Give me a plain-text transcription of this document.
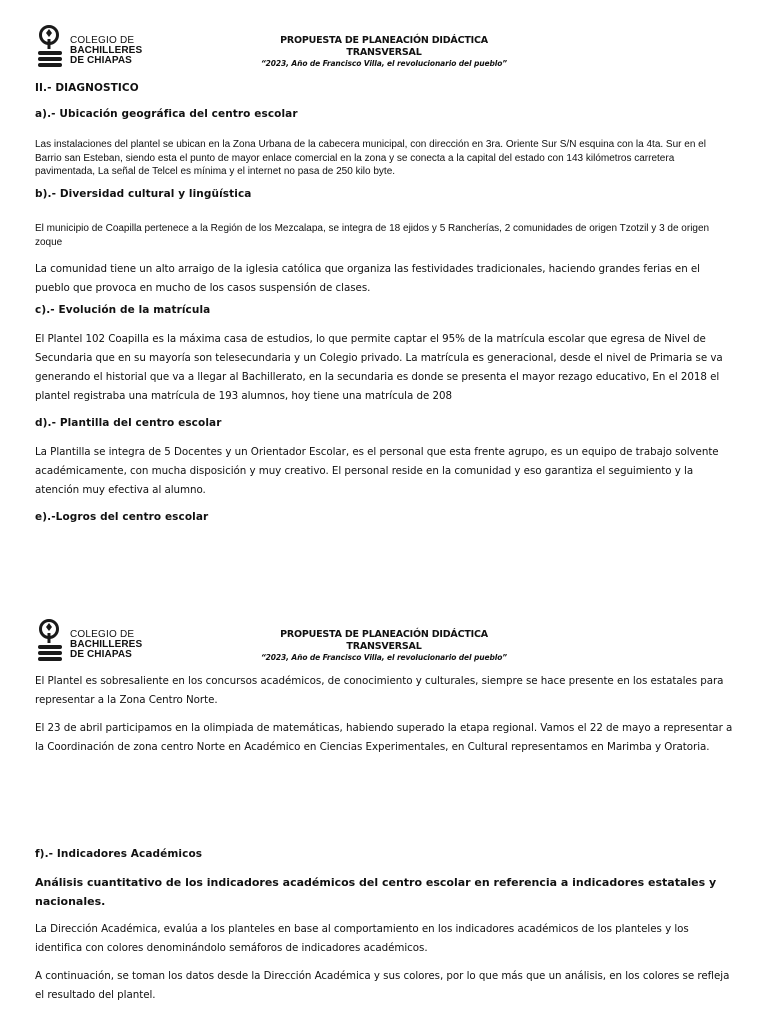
COLEGIO DE
BACHILLERES
DE CHIAPAS
PROPUESTA DE PLANEACIÓN DIDÁCTICA
TRANSVERSAL
“2023, Año de Francisco Villa, el revolucionario del pueblo”
II.- DIAGNOSTICO
a).- Ubicación geográfica del centro escolar
Las instalaciones del plantel se ubican en la Zona Urbana de la cabecera municipal, con dirección en 3ra. Oriente Sur S/N esquina con la 4ta. Sur en el Barrio san Esteban, siendo esta el punto de mayor enlace comercial en la zona y se conecta a la capital del estado con 143 kilómetros carretera pavimentada, La señal de Telcel es mínima y el internet no pasa de 250 kilo byte.
b).- Diversidad cultural y lingüística
El municipio de Coapilla pertenece a la Región de los Mezcalapa, se integra de 18 ejidos y 5 Rancherías, 2 comunidades de origen Tzotzil y 3 de origen zoque
La comunidad tiene un alto arraigo de la iglesia católica que organiza las festividades tradicionales, haciendo grandes ferias en el pueblo que provoca en mucho de los casos suspensión de clases.
c).- Evolución de la matrícula
El Plantel 102 Coapilla es la máxima casa de estudios, lo que permite captar el 95% de la matrícula escolar que egresa de Nivel de Secundaria que en su mayoría son telesecundaria y un Colegio privado. La matrícula es generacional, desde el nivel de Primaria se va generando el historial que va a llegar al Bachillerato, en la secundaria es donde se presenta el mayor rezago educativo, En el 2018 el plantel registraba una matrícula de 193 alumnos, hoy tiene una matrícula de 208
d).- Plantilla del centro escolar
La Plantilla se integra de 5 Docentes y un Orientador Escolar, es el personal que esta frente agrupo, es un equipo de trabajo solvente académicamente, con mucha disposición y muy creativo. El personal reside en la comunidad y eso garantiza el seguimiento y la atención muy efectiva al alumno.
e).-Logros del centro escolar
COLEGIO DE
BACHILLERES
DE CHIAPAS
PROPUESTA DE PLANEACIÓN DIDÁCTICA
TRANSVERSAL
“2023, Año de Francisco Villa, el revolucionario del pueblo”
El Plantel es sobresaliente en los concursos académicos, de conocimiento y culturales, siempre se hace presente en los estatales para representar a la Zona Centro Norte.
El 23 de abril participamos en la olimpiada de matemáticas, habiendo superado la etapa regional. Vamos el 22 de mayo a representar a la Coordinación de zona centro Norte en Académico en Ciencias Experimentales, en Cultural representamos en Marimba y Oratoria.
f).- Indicadores Académicos
Análisis cuantitativo de los indicadores académicos del centro escolar en referencia a indicadores estatales y nacionales.
La Dirección Académica, evalúa a los planteles en base al comportamiento en los indicadores académicos de los planteles y los identifica con colores denominándolo semáforos de indicadores académicos.
A continuación, se toman los datos desde la Dirección Académica y sus colores, por lo que más que un análisis, en los colores se refleja el resultado del plantel.
